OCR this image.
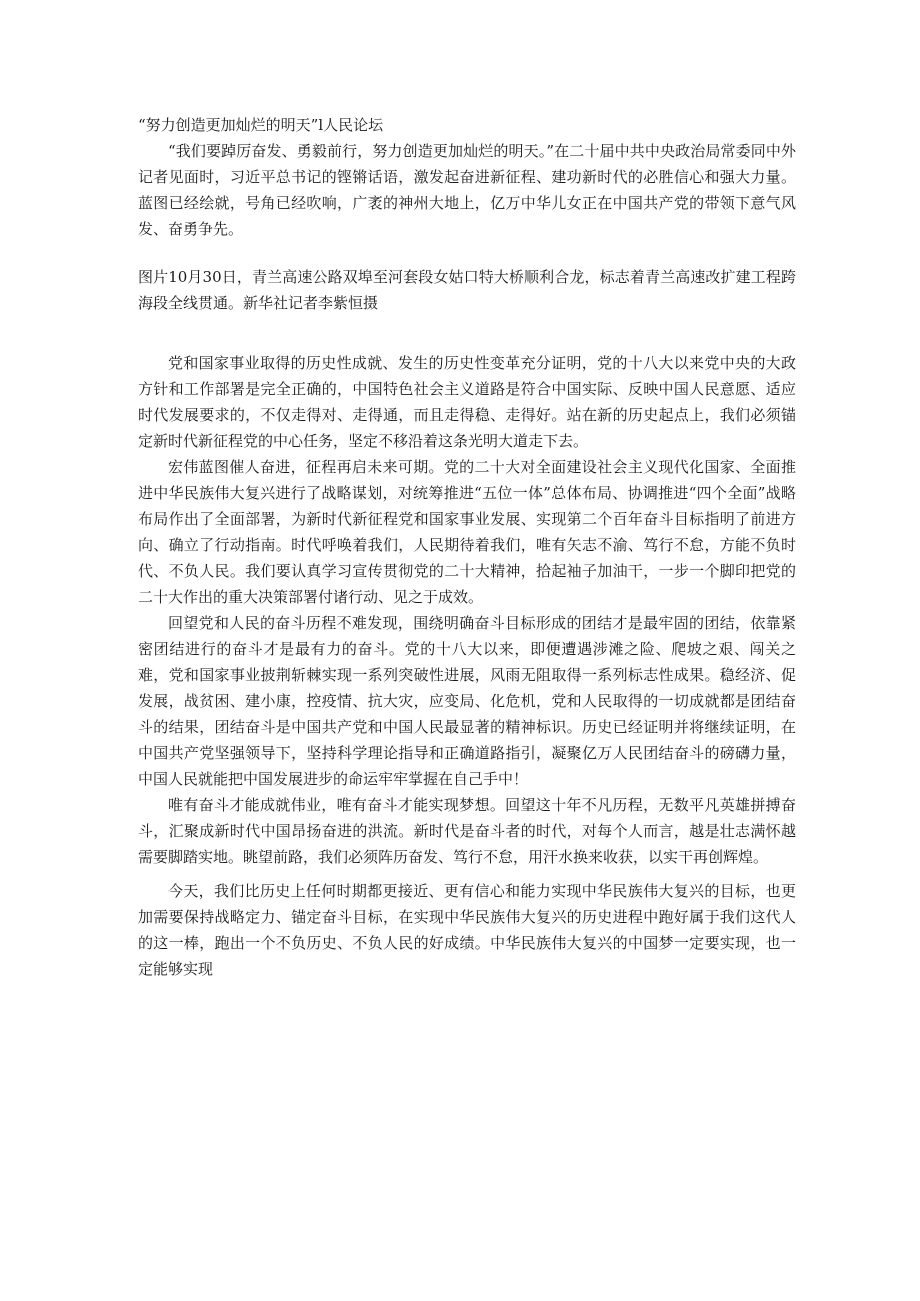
“努力创造更加灿烂的明天”l人民论坛

“我们要踔厉奋发、勇毅前行，努力创造更加灿烂的明天。”在二十届中共中央政治局常委同中外记者见面时，习近平总书记的铿锵话语，激发起奋进新征程、建功新时代的必胜信心和强大力量。蓝图已经绘就，号角已经吹响，广袤的神州大地上，亿万中华儿女正在中国共产党的带领下意气风发、奋勇争先。

图片10月30日，青兰高速公路双埠至河套段女姑口特大桥顺利合龙，标志着青兰高速改扩建工程跨海段全线贯通。新华社记者李紫恒摄

党和国家事业取得的历史性成就、发生的历史性变革充分证明，党的十八大以来党中央的大政方针和工作部署是完全正确的，中国特色社会主义道路是符合中国实际、反映中国人民意愿、适应时代发展要求的，不仅走得对、走得通，而且走得稳、走得好。站在新的历史起点上，我们必须锚定新时代新征程党的中心任务，坚定不移沿着这条光明大道走下去。

宏伟蓝图催人奋进，征程再启未来可期。党的二十大对全面建设社会主义现代化国家、全面推进中华民族伟大复兴进行了战略谋划，对统筹推进“五位一体”总体布局、协调推进“四个全面”战略布局作出了全面部署，为新时代新征程党和国家事业发展、实现第二个百年奋斗目标指明了前进方向、确立了行动指南。时代呼唤着我们，人民期待着我们，唯有矢志不渝、笃行不怠，方能不负时代、不负人民。我们要认真学习宣传贯彻党的二十大精神，拾起袖子加油干，一步一个脚印把党的二十大作出的重大决策部署付诸行动、见之于成效。

回望党和人民的奋斗历程不难发现，围绕明确奋斗目标形成的团结才是最牢固的团结，依靠紧密团结进行的奋斗才是最有力的奋斗。党的十八大以来，即便遭遇涉滩之险、爬坡之艰、闯关之难，党和国家事业披荆斩棘实现一系列突破性进展，风雨无阻取得一系列标志性成果。稳经济、促发展，战贫困、建小康，控疫情、抗大灾，应变局、化危机，党和人民取得的一切成就都是团结奋斗的结果，团结奋斗是中国共产党和中国人民最显著的精神标识。历史已经证明并将继续证明，在中国共产党坚强领导下，坚持科学理论指导和正确道路指引，凝聚亿万人民团结奋斗的磅礴力量，中国人民就能把中国发展进步的命运牢牢掌握在自己手中！

唯有奋斗才能成就伟业，唯有奋斗才能实现梦想。回望这十年不凡历程，无数平凡英雄拼搏奋斗，汇聚成新时代中国昂扬奋进的洪流。新时代是奋斗者的时代，对每个人而言，越是壮志满怀越需要脚踏实地。眺望前路，我们必须阵历奋发、笃行不怠，用汗水换来收获，以实干再创辉煌。

今天，我们比历史上任何时期都更接近、更有信心和能力实现中华民族伟大复兴的目标，也更加需要保持战略定力、锚定奋斗目标，在实现中华民族伟大复兴的历史进程中跑好属于我们这代人的这一棒，跑出一个不负历史、不负人民的好成绩。中华民族伟大复兴的中国梦一定要实现，也一定能够实现
